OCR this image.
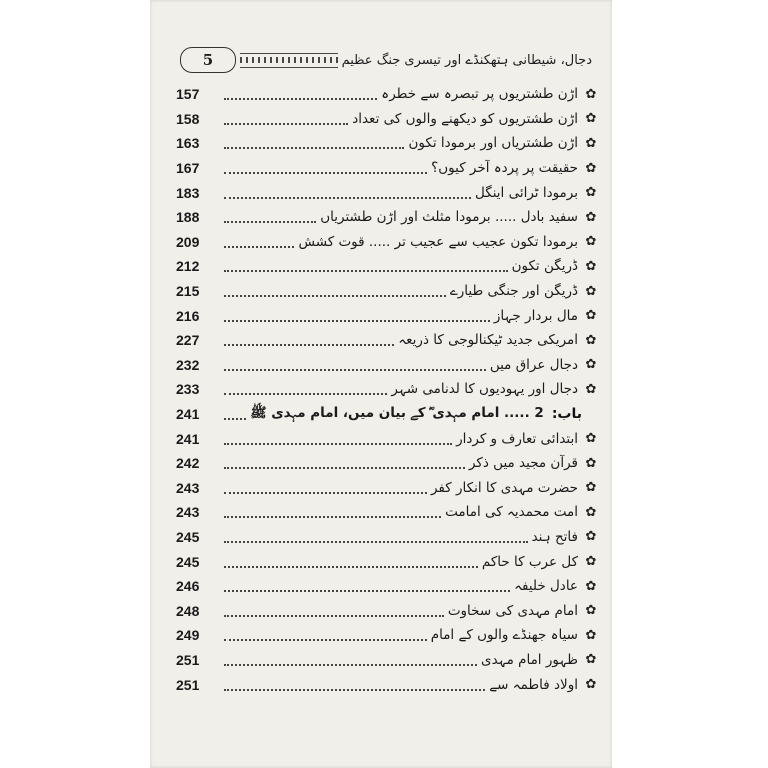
5	دجال، شیطانی ہتھکنڈے اور تیسری جنگ عظیم
157	اڑن طشتریوں پر تبصرہ سے خطرہ ✿
158	اڑن طشتریوں کو دیکھنے والوں کی تعداد ✿
163	اڑن طشتریاں اور برمودا تکون ✿
167	حقیقت پر پردہ آخر کیوں؟ ✿
183	برمودا ٹرائی اینگل ✿
188	سفید بادل ..... برمودا مثلث اور اڑن طشتریاں ✿
209	برمودا تکون عجیب سے عجیب تر ..... قوت کشش ✿
212	ڈریگن تکون ✿
215	ڈریگن اور جنگی طیارے ✿
216	مال بردار جہاز ✿
227	امریکی جدید ٹیکنالوجی کا ذریعہ ✿
232	دجال عراق میں ✿
233	دجال اور یہودیوں کا لدنامی شہر ✿
241	2 ..... امام مہدی ؓ کے بیان میں، امام مہدی ﷺ باب:
241	ابتدائی تعارف و کردار ✿
242	قرآن مجید میں ذکر ✿
243	حضرت مہدی کا انکار کفر ✿
243	امت محمدیہ کی امامت ✿
245	فاتح ہند ✿
245	کل عرب کا حاکم ✿
246	عادل خلیفہ ✿
248	امام مہدی کی سخاوت ✿
249	سیاہ جھنڈے والوں کے امام ✿
251	ظہور امام مہدی ✿
251	اولاد فاطمہ سے ✿
